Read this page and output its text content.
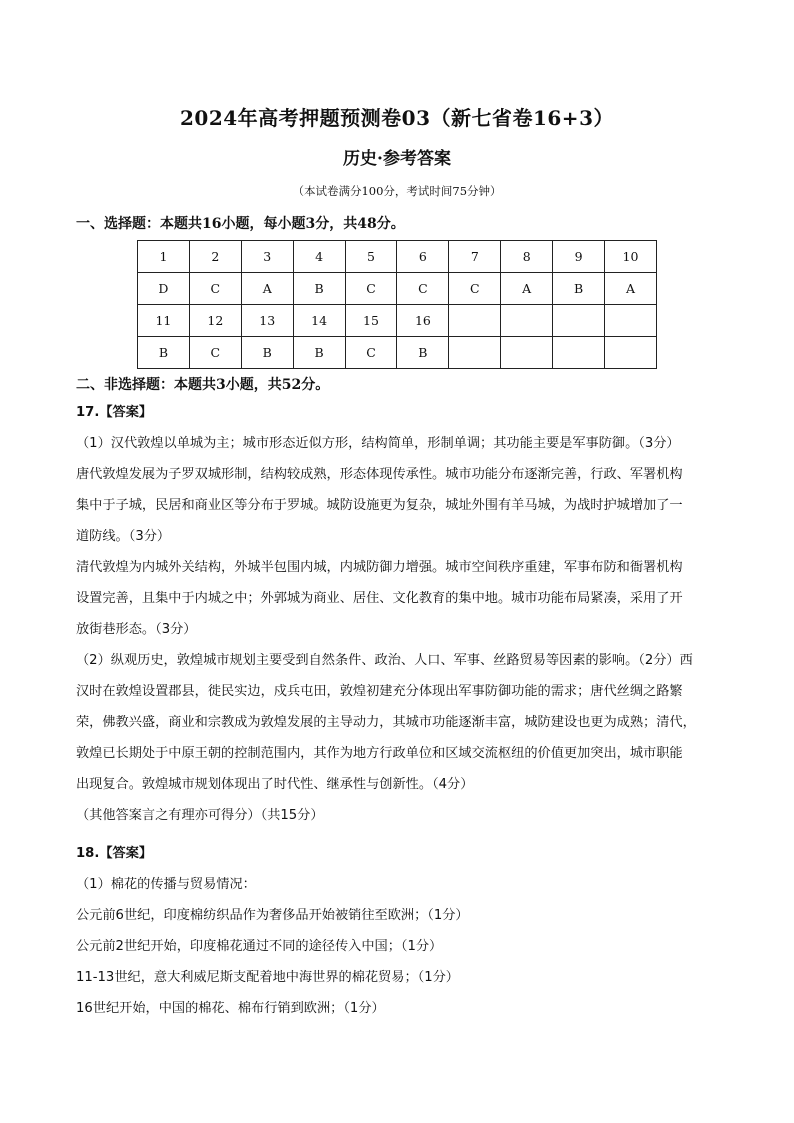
2024年高考押题预测卷03（新七省卷16+3）
历史·参考答案
（本试卷满分100分，考试时间75分钟）
一、选择题：本题共16小题，每小题3分，共48分。
1	2	3	4	5	6	7	8	9	10
D	C	A	B	C	C	C	A	B	A
11	12	13	14	15	16				
B	C	B	B	C	B				
二、非选择题：本题共3小题，共52分。
17.【答案】
（1）汉代敦煌以单城为主；城市形态近似方形，结构简单，形制单调；其功能主要是军事防御。（3分）
唐代敦煌发展为子罗双城形制，结构较成熟，形态体现传承性。城市功能分布逐渐完善，行政、军署机构
集中于子城，民居和商业区等分布于罗城。城防设施更为复杂，城址外围有羊马城，为战时护城增加了一
道防线。（3分）
清代敦煌为内城外关结构，外城半包围内城，内城防御力增强。城市空间秩序重建，军事布防和衙署机构
设置完善，且集中于内城之中；外郭城为商业、居住、文化教育的集中地。城市功能布局紧凑，采用了开
放街巷形态。（3分）
（2）纵观历史，敦煌城市规划主要受到自然条件、政治、人口、军事、丝路贸易等因素的影响。（2分）西
汉时在敦煌设置郡县，徙民实边，戍兵屯田，敦煌初建充分体现出军事防御功能的需求；唐代丝绸之路繁
荣，佛教兴盛，商业和宗教成为敦煌发展的主导动力，其城市功能逐渐丰富，城防建设也更为成熟；清代，
敦煌已长期处于中原王朝的控制范围内，其作为地方行政单位和区域交流枢纽的价值更加突出，城市职能
出现复合。敦煌城市规划体现出了时代性、继承性与创新性。（4分）
（其他答案言之有理亦可得分）（共15分）
18.【答案】
（1）棉花的传播与贸易情况：
公元前6世纪，印度棉纺织品作为奢侈品开始被销往至欧洲；（1分）
公元前2世纪开始，印度棉花通过不同的途径传入中国；（1分）
11-13世纪，意大利威尼斯支配着地中海世界的棉花贸易；（1分）
16世纪开始，中国的棉花、棉布行销到欧洲；（1分）
